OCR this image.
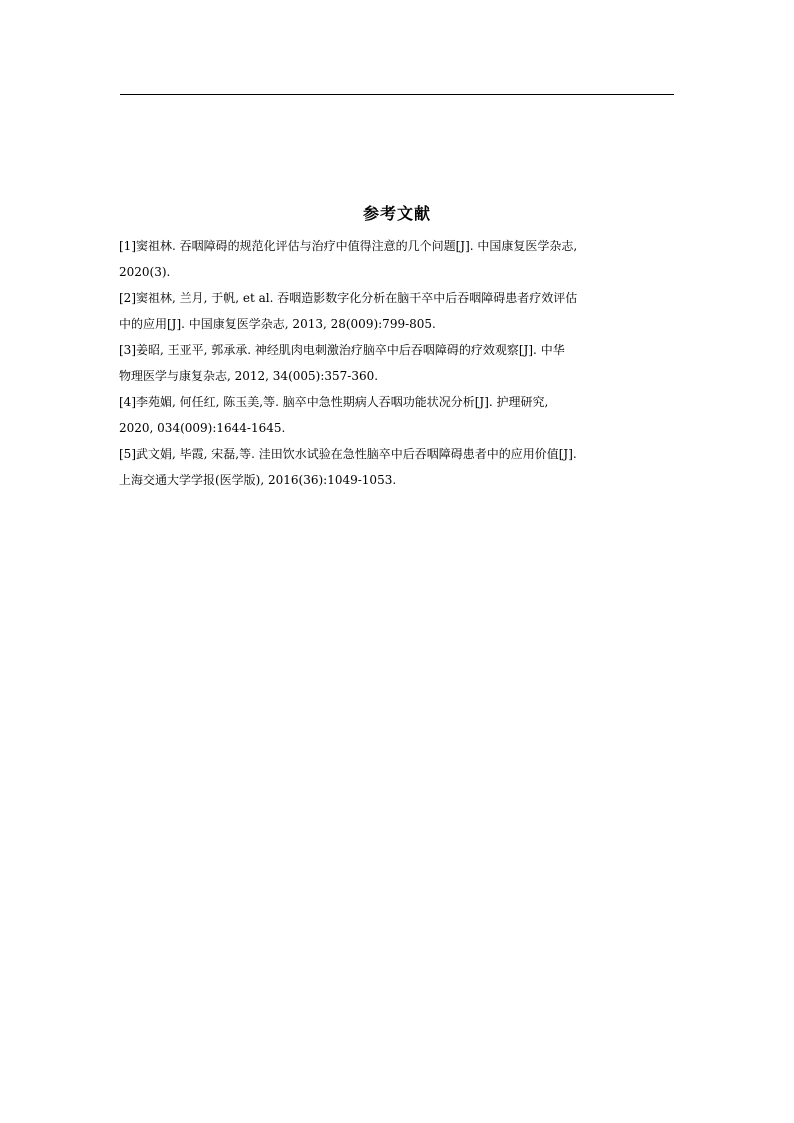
参考文献
[1]窦祖林. 吞咽障碍的规范化评估与治疗中值得注意的几个问题[J]. 中国康复医学杂志,
2020(3).
[2]窦祖林, 兰月, 于帆, et al. 吞咽造影数字化分析在脑干卒中后吞咽障碍患者疗效评估
中的应用[J]. 中国康复医学杂志, 2013, 28(009):799-805.
[3]姜昭, 王亚平, 郭承承. 神经肌肉电刺激治疗脑卒中后吞咽障碍的疗效观察[J]. 中华
物理医学与康复杂志, 2012, 34(005):357-360.
[4]李苑媚, 何任红, 陈玉美,等. 脑卒中急性期病人吞咽功能状况分析[J]. 护理研究,
2020, 034(009):1644-1645.
[5]武文娟, 毕霞, 宋磊,等. 洼田饮水试验在急性脑卒中后吞咽障碍患者中的应用价值[J].
上海交通大学学报(医学版), 2016(36):1049-1053.
